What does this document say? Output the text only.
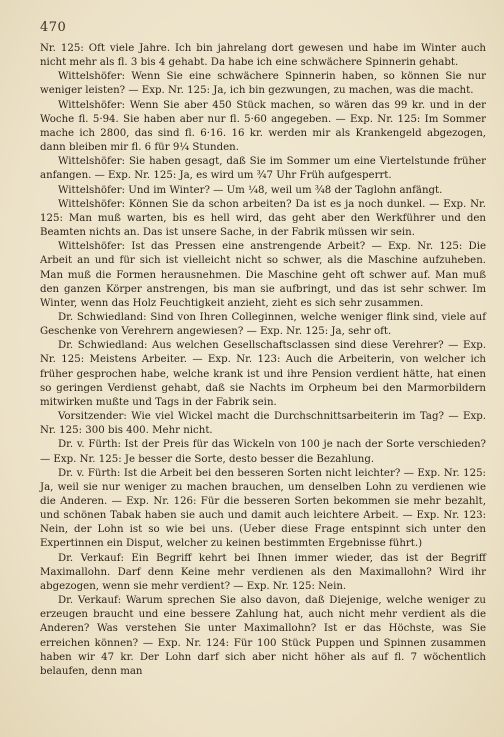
470

Nr. 125: Oft viele Jahre. Ich bin jahrelang dort gewesen und habe im Winter auch nicht mehr als fl. 3 bis 4 gehabt. Da habe ich eine schwächere Spinnerin gehabt.

Wittelshöfer: Wenn Sie eine schwächere Spinnerin haben, so können Sie nur weniger leisten? — Exp. Nr. 125: Ja, ich bin gezwungen, zu machen, was die macht.

Wittelshöfer: Wenn Sie aber 450 Stück machen, so wären das 99 kr. und in der Woche fl. 5·94. Sie haben aber nur fl. 5·60 angegeben. — Exp. Nr. 125: Im Sommer mache ich 2800, das sind fl. 6·16. 16 kr. werden mir als Krankengeld abgezogen, dann bleiben mir fl. 6 für 9¼ Stunden.

Wittelshöfer: Sie haben gesagt, daß Sie im Sommer um eine Viertelstunde früher anfangen. — Exp. Nr. 125: Ja, es wird um ¾7 Uhr Früh aufgesperrt.

Wittelshöfer: Und im Winter? — Um ¼8, weil um ¾8 der Taglohn anfängt.

Wittelshöfer: Können Sie da schon arbeiten? Da ist es ja noch dunkel. — Exp. Nr. 125: Man muß warten, bis es hell wird, das geht aber den Werkführer und den Beamten nichts an. Das ist unsere Sache, in der Fabrik müssen wir sein.

Wittelshöfer: Ist das Pressen eine anstrengende Arbeit? — Exp. Nr. 125: Die Arbeit an und für sich ist vielleicht nicht so schwer, als die Maschine aufzuheben. Man muß die Formen herausnehmen. Die Maschine geht oft schwer auf. Man muß den ganzen Körper anstrengen, bis man sie aufbringt, und das ist sehr schwer. Im Winter, wenn das Holz Feuchtigkeit anzieht, zieht es sich sehr zusammen.

Dr. Schwiedland: Sind von Ihren Colleginnen, welche weniger flink sind, viele auf Geschenke von Verehrern angewiesen? — Exp. Nr. 125: Ja, sehr oft.

Dr. Schwiedland: Aus welchen Gesellschaftsclassen sind diese Verehrer? — Exp. Nr. 125: Meistens Arbeiter. — Exp. Nr. 123: Auch die Arbeiterin, von welcher ich früher gesprochen habe, welche krank ist und ihre Pension verdient hätte, hat einen so geringen Verdienst gehabt, daß sie Nachts im Orpheum bei den Marmorbildern mitwirken mußte und Tags in der Fabrik sein.

Vorsitzender: Wie viel Wickel macht die Durchschnittsarbeiterin im Tag? — Exp. Nr. 125: 300 bis 400. Mehr nicht.

Dr. v. Fürth: Ist der Preis für das Wickeln von 100 je nach der Sorte verschieden? — Exp. Nr. 125: Je besser die Sorte, desto besser die Bezahlung.

Dr. v. Fürth: Ist die Arbeit bei den besseren Sorten nicht leichter? — Exp. Nr. 125: Ja, weil sie nur weniger zu machen brauchen, um denselben Lohn zu verdienen wie die Anderen. — Exp. Nr. 126: Für die besseren Sorten bekommen sie mehr bezahlt, und schönen Tabak haben sie auch und damit auch leichtere Arbeit. — Exp. Nr. 123: Nein, der Lohn ist so wie bei uns. (Ueber diese Frage entspinnt sich unter den Expertinnen ein Disput, welcher zu keinen bestimmten Ergebnisse führt.)

Dr. Verkauf: Ein Begriff kehrt bei Ihnen immer wieder, das ist der Begriff Maximallohn. Darf denn Keine mehr verdienen als den Maximallohn? Wird ihr abgezogen, wenn sie mehr verdient? — Exp. Nr. 125: Nein.

Dr. Verkauf: Warum sprechen Sie also davon, daß Diejenige, welche weniger zu erzeugen braucht und eine bessere Zahlung hat, auch nicht mehr verdient als die Anderen? Was verstehen Sie unter Maximallohn? Ist er das Höchste, was Sie erreichen können? — Exp. Nr. 124: Für 100 Stück Puppen und Spinnen zusammen haben wir 47 kr. Der Lohn darf sich aber nicht höher als auf fl. 7 wöchentlich belaufen, denn man
